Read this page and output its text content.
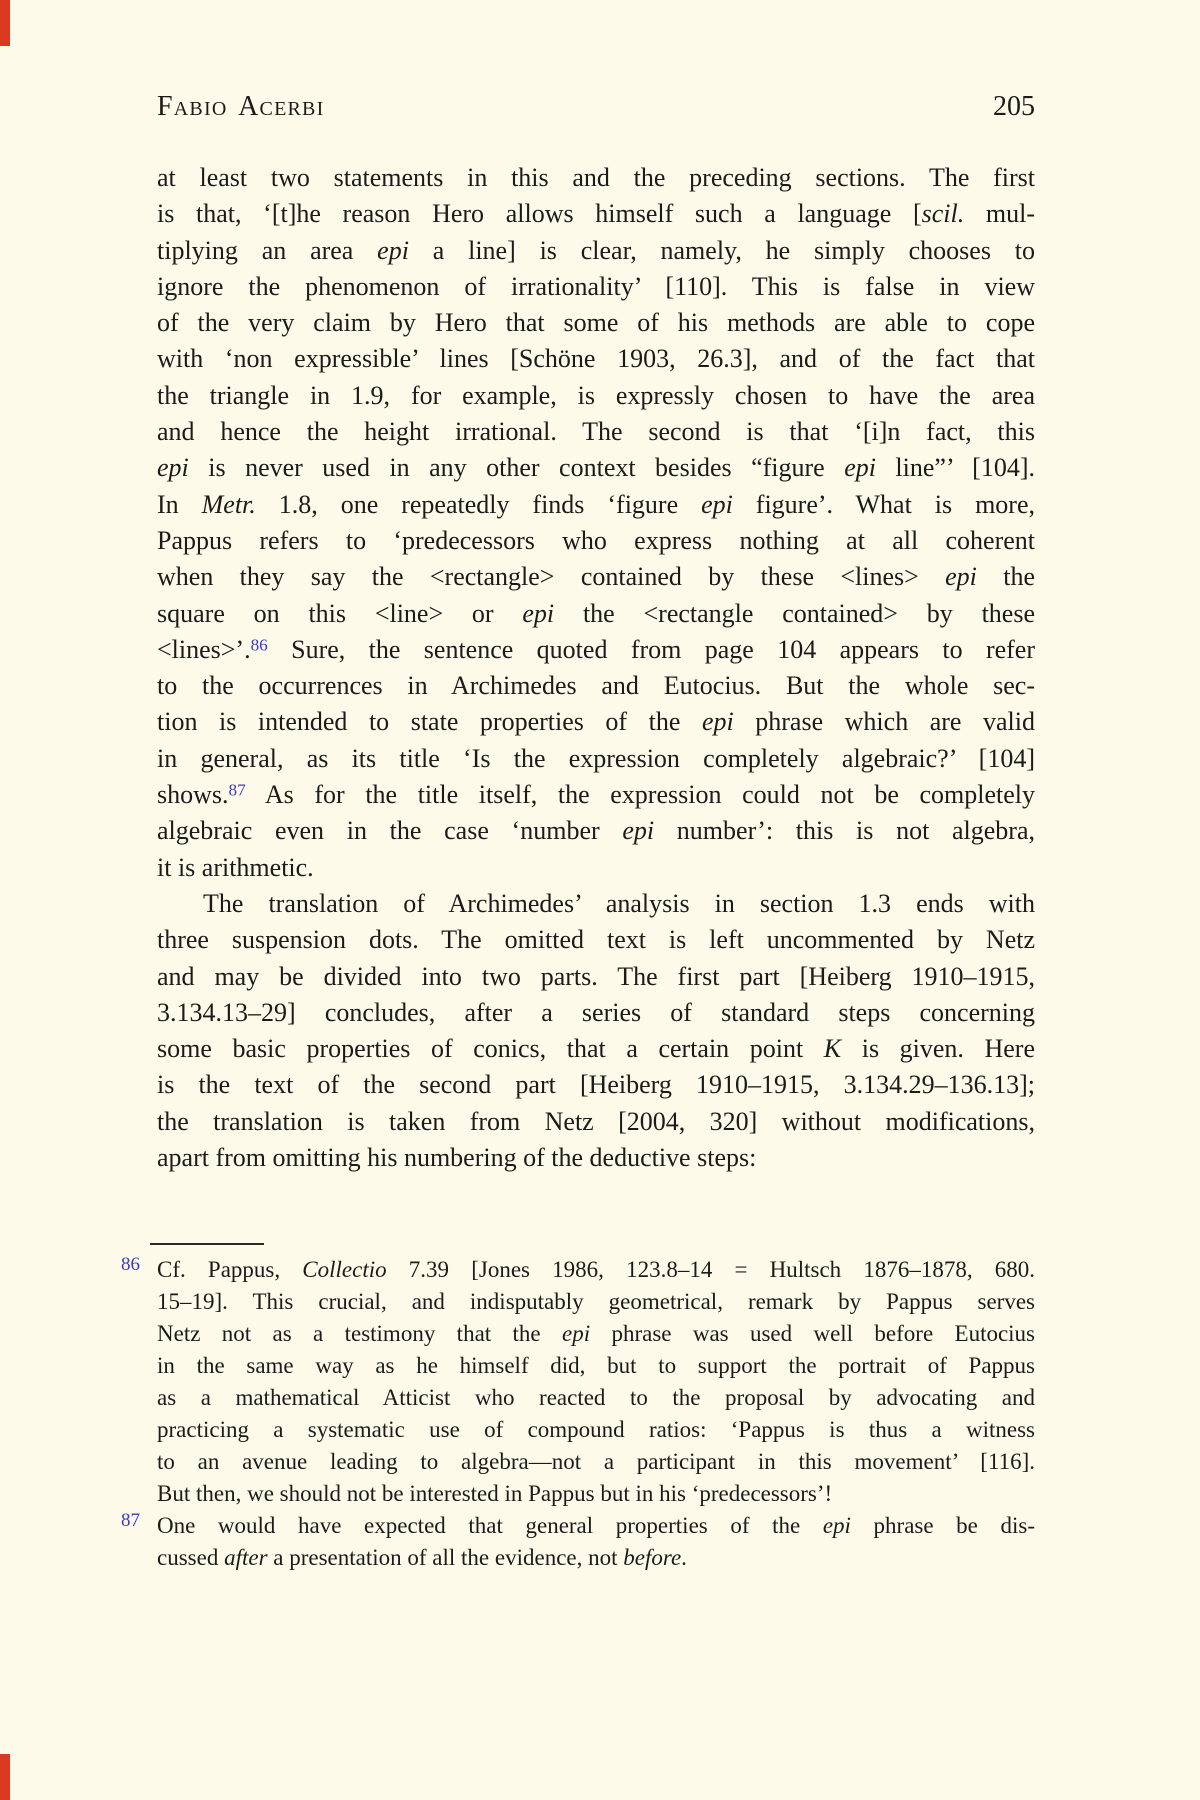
Fabio Acerbi	205
at least two statements in this and the preceding sections. The first
is that, ‘[t]he reason Hero allows himself such a language [scil. mul-
tiplying an area epi a line] is clear, namely, he simply chooses to
ignore the phenomenon of irrationality’ [110]. This is false in view
of the very claim by Hero that some of his methods are able to cope
with ‘non expressible’ lines [Schöne 1903, 26.3], and of the fact that
the triangle in 1.9, for example, is expressly chosen to have the area
and hence the height irrational. The second is that ‘[i]n fact, this
epi is never used in any other context besides “figure epi line”’ [104].
In Metr. 1.8, one repeatedly finds ‘figure epi figure’. What is more,
Pappus refers to ‘predecessors who express nothing at all coherent
when they say the <rectangle> contained by these <lines> epi the
square on this <line> or epi the <rectangle contained> by these
<lines>’.$^{86}$ Sure, the sentence quoted from page 104 appears to refer
to the occurrences in Archimedes and Eutocius. But the whole sec-
tion is intended to state properties of the epi phrase which are valid
in general, as its title ‘Is the expression completely algebraic?’ [104]
shows.$^{87}$ As for the title itself, the expression could not be completely
algebraic even in the case ‘number epi number’: this is not algebra,
it is arithmetic.
The translation of Archimedes’ analysis in section 1.3 ends with
three suspension dots. The omitted text is left uncommented by Netz
and may be divided into two parts. The first part [Heiberg 1910–1915,
3.134.13–29] concludes, after a series of standard steps concerning
some basic properties of conics, that a certain point K is given. Here
is the text of the second part [Heiberg 1910–1915, 3.134.29–136.13];
the translation is taken from Netz [2004, 320] without modifications,
apart from omitting his numbering of the deductive steps:
86 Cf. Pappus, Collectio 7.39 [Jones 1986, 123.8–14 = Hultsch 1876–1878, 680.
15–19]. This crucial, and indisputably geometrical, remark by Pappus serves
Netz not as a testimony that the epi phrase was used well before Eutocius
in the same way as he himself did, but to support the portrait of Pappus
as a mathematical Atticist who reacted to the proposal by advocating and
practicing a systematic use of compound ratios: ‘Pappus is thus a witness
to an avenue leading to algebra—not a participant in this movement’ [116].
But then, we should not be interested in Pappus but in his ‘predecessors’!
87 One would have expected that general properties of the epi phrase be dis-
cussed after a presentation of all the evidence, not before.
